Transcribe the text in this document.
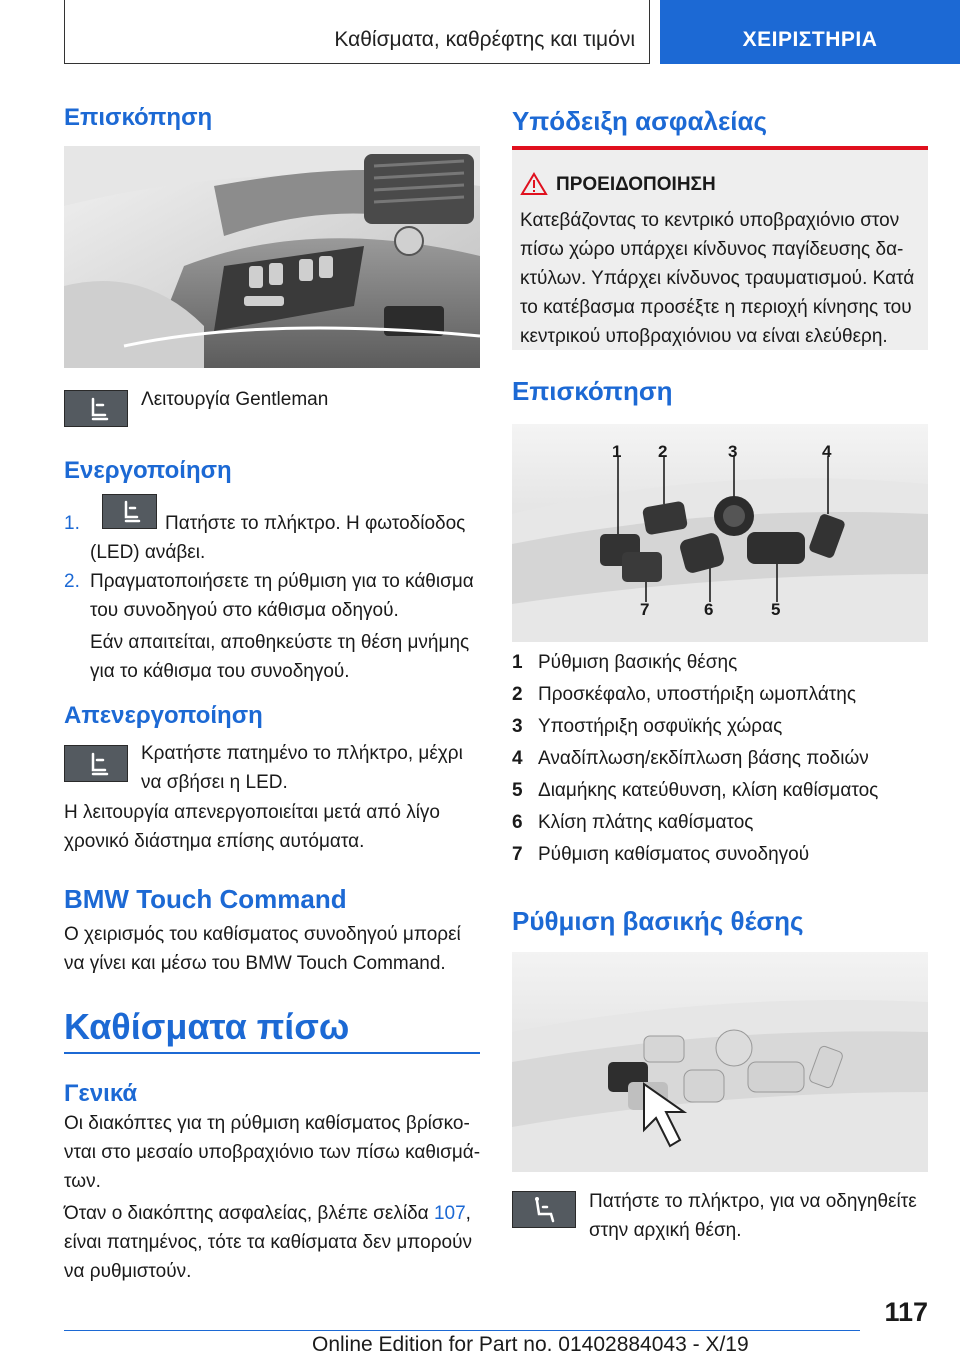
Καθίσματα, καθρέφτης και τιμόνι	ΧΕΙΡΙΣΤΗΡΙΑ
Επισκόπηση
Λειτουργία Gentleman
Ενεργοποίηση
1.	Πατήστε το πλήκτρο. Η φωτοδίοδος
(LED) ανάβει.
2. Πραγματοποιήσετε τη ρύθμιση για το κάθισμα
του συνοδηγού στο κάθισμα οδηγού.
Εάν απαιτείται, αποθηκεύστε τη θέση μνήμης
για το κάθισμα του συνοδηγού.
Απενεργοποίηση
Κρατήστε πατημένο το πλήκτρο, μέχρι
να σβήσει η LED.
Η λειτουργία απενεργοποιείται μετά από λίγο
χρονικό διάστημα επίσης αυτόματα.
BMW Touch Command
Ο χειρισμός του καθίσματος συνοδηγού μπορεί
να γίνει και μέσω του BMW Touch Command.
Καθίσματα πίσω
Γενικά
Οι διακόπτες για τη ρύθμιση καθίσματος βρίσκο‐
νται στο μεσαίο υποβραχιόνιο των πίσω καθισμά‐
των.
Όταν ο διακόπτης ασφαλείας, βλέπε σελίδα 107,
είναι πατημένος, τότε τα καθίσματα δεν μπορούν
να ρυθμιστούν.
Υπόδειξη ασφαλείας
ΠΡΟΕΙΔΟΠΟΙΗΣΗ
Κατεβάζοντας το κεντρικό υποβραχιόνιο στον
πίσω χώρο υπάρχει κίνδυνος παγίδευσης δα‐
κτύλων. Υπάρχει κίνδυνος τραυματισμού. Κατά
το κατέβασμα προσέξτε η περιοχή κίνησης του
κεντρικού υποβραχιόνιου να είναι ελεύθερη.
Επισκόπηση
1 2	3	4
7	6	5
1 Ρύθμιση βασικής θέσης
2 Προσκέφαλο, υποστήριξη ωμοπλάτης
3 Υποστήριξη οσφυϊκής χώρας
4 Αναδίπλωση/εκδίπλωση βάσης ποδιών
5 Διαμήκης κατεύθυνση, κλίση καθίσματος
6 Κλίση πλάτης καθίσματος
7 Ρύθμιση καθίσματος συνοδηγού
Ρύθμιση βασικής θέσης
Πατήστε το πλήκτρο, για να οδηγηθείτε
στην αρχική θέση.
117
Online Edition for Part no. 01402884043 - X/19
